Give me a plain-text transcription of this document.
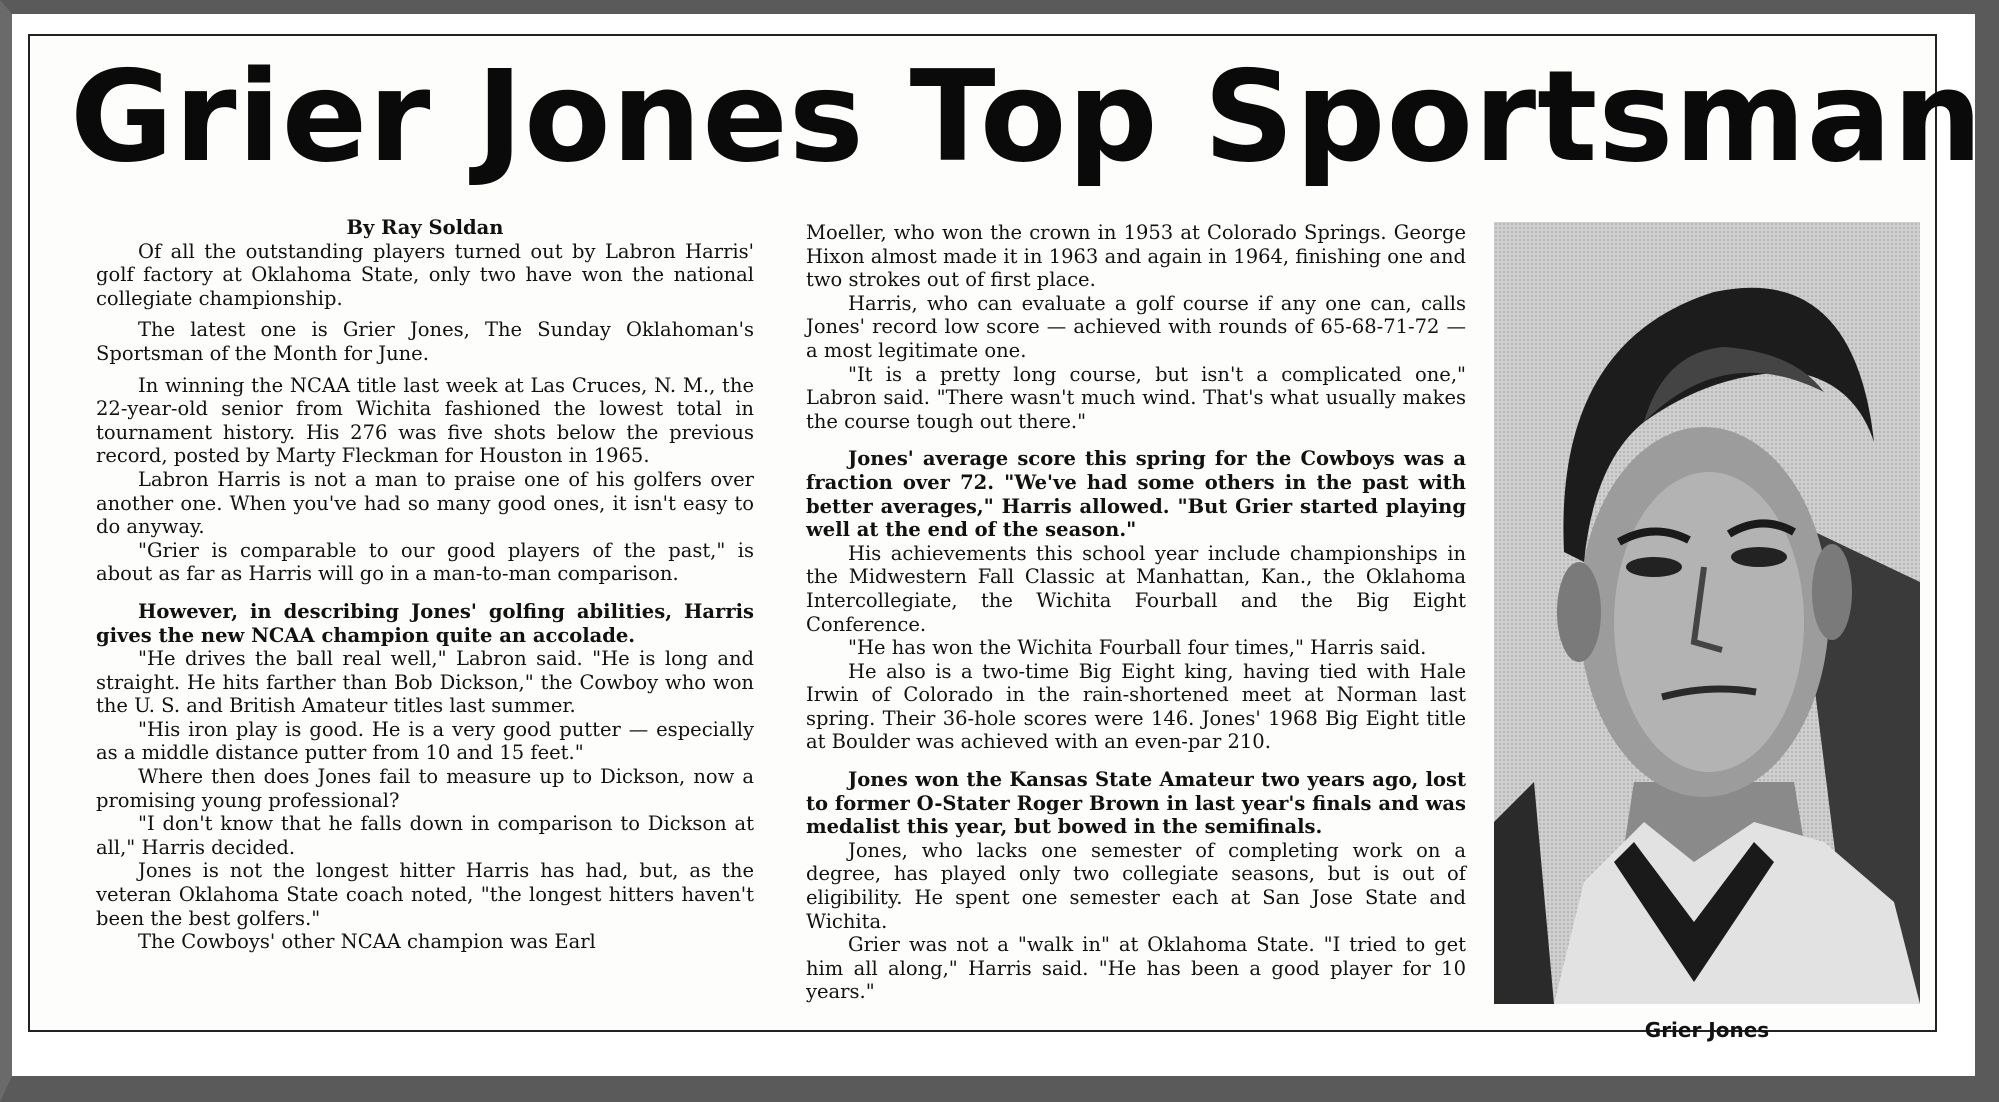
Grier Jones Top Sportsman

By Ray Soldan

Of all the outstanding players turned out by Labron Harris' golf factory at Oklahoma State, only two have won the national collegiate championship.

The latest one is Grier Jones, The Sunday Oklahoman's Sportsman of the Month for June.

In winning the NCAA title last week at Las Cruces, N. M., the 22-year-old senior from Wichita fashioned the lowest total in tournament history. His 276 was five shots below the previous record, posted by Marty Fleckman for Houston in 1965.

Labron Harris is not a man to praise one of his golfers over another one. When you've had so many good ones, it isn't easy to do anyway.

"Grier is comparable to our good players of the past," is about as far as Harris will go in a man-to-man comparison.

However, in describing Jones' golfing abilities, Harris gives the new NCAA champion quite an accolade.

"He drives the ball real well," Labron said. "He is long and straight. He hits farther than Bob Dickson," the Cowboy who won the U. S. and British Amateur titles last summer.

"His iron play is good. He is a very good putter — especially as a middle distance putter from 10 and 15 feet."

Where then does Jones fail to measure up to Dickson, now a promising young professional?

"I don't know that he falls down in comparison to Dickson at all," Harris decided.

Jones is not the longest hitter Harris has had, but, as the veteran Oklahoma State coach noted, "the longest hitters haven't been the best golfers."

The Cowboys' other NCAA champion was Earl

Moeller, who won the crown in 1953 at Colorado Springs. George Hixon almost made it in 1963 and again in 1964, finishing one and two strokes out of first place.

Harris, who can evaluate a golf course if any one can, calls Jones' record low score — achieved with rounds of 65-68-71-72 — a most legitimate one.

"It is a pretty long course, but isn't a complicated one," Labron said. "There wasn't much wind. That's what usually makes the course tough out there."

Jones' average score this spring for the Cowboys was a fraction over 72. "We've had some others in the past with better averages," Harris allowed. "But Grier started playing well at the end of the season."

His achievements this school year include championships in the Midwestern Fall Classic at Manhattan, Kan., the Oklahoma Intercollegiate, the Wichita Fourball and the Big Eight Conference.

"He has won the Wichita Fourball four times," Harris said.

He also is a two-time Big Eight king, having tied with Hale Irwin of Colorado in the rain-shortened meet at Norman last spring. Their 36-hole scores were 146. Jones' 1968 Big Eight title at Boulder was achieved with an even-par 210.

Jones won the Kansas State Amateur two years ago, lost to former O-Stater Roger Brown in last year's finals and was medalist this year, but bowed in the semifinals.

Jones, who lacks one semester of completing work on a degree, has played only two collegiate seasons, but is out of eligibility. He spent one semester each at San Jose State and Wichita.

Grier was not a "walk in" at Oklahoma State. "I tried to get him all along," Harris said. "He has been a good player for 10 years."

Grier Jones
